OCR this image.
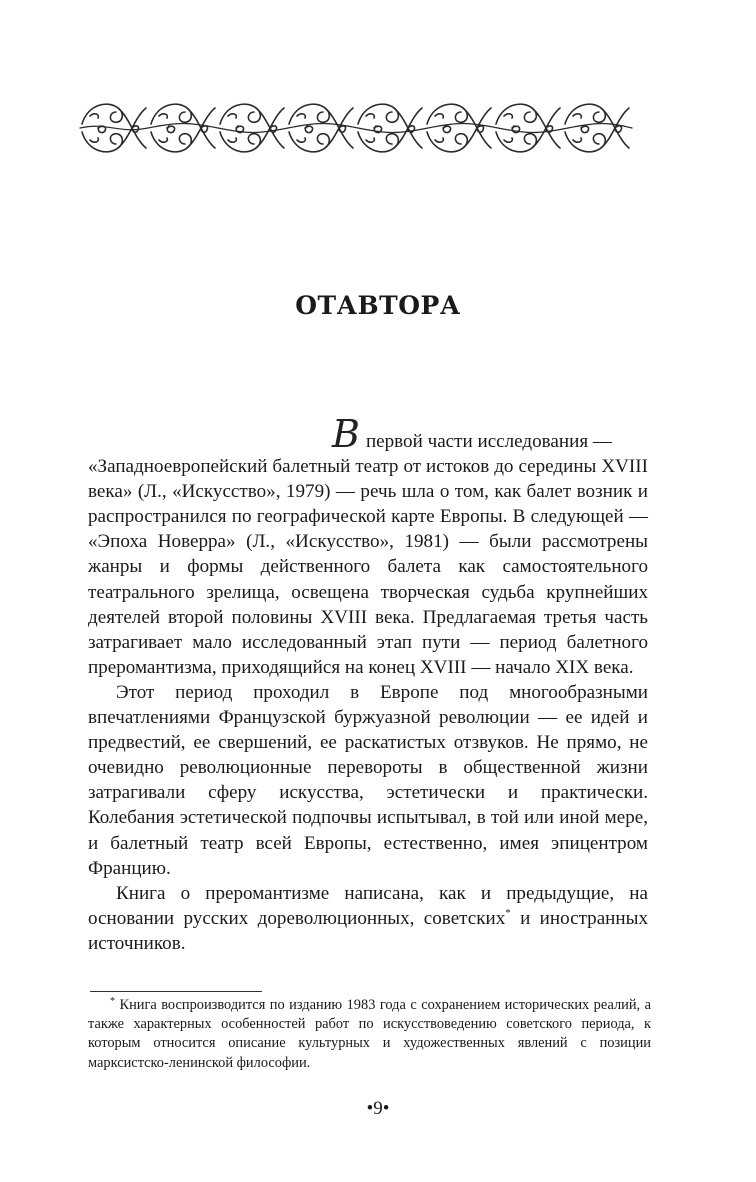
ОТАВТОРА

Впервой части исследования —
«Западноевропейский балетный театр от истоков до середины XVIII века» (Л., «Искусство», 1979) — речь шла о том, как балет возник и распространился по географической карте Европы. В следующей — «Эпоха Новерра» (Л., «Искусство», 1981) — были рассмотрены жанры и формы действенного балета как самостоятельного театрального зрелища, освещена творческая судьба крупнейших деятелей второй половины XVIII века. Предлагаемая третья часть затрагивает мало исследованный этап пути — период балетного преромантизма, приходящийся на конец XVIII — начало XIX века.

Этот период проходил в Европе под многообразными впечатлениями Французской буржуазной революции — ее идей и предвестий, ее свершений, ее раскатистых отзвуков. Не прямо, не очевидно революционные перевороты в общественной жизни затрагивали сферу искусства, эстетически и практически. Колебания эстетической подпочвы испытывал, в той или иной мере, и балетный театр всей Европы, естественно, имея эпицентром Францию.

Книга о преромантизме написана, как и предыдущие, на основании русских дореволюционных, советских* и иностранных источников.

* Книга воспроизводится по изданию 1983 года с сохранением исторических реалий, а также характерных особенностей работ по искусствоведению советского периода, к которым относится описание культурных и художественных явлений с позиции марксистско-ленинской философии.

•9•
